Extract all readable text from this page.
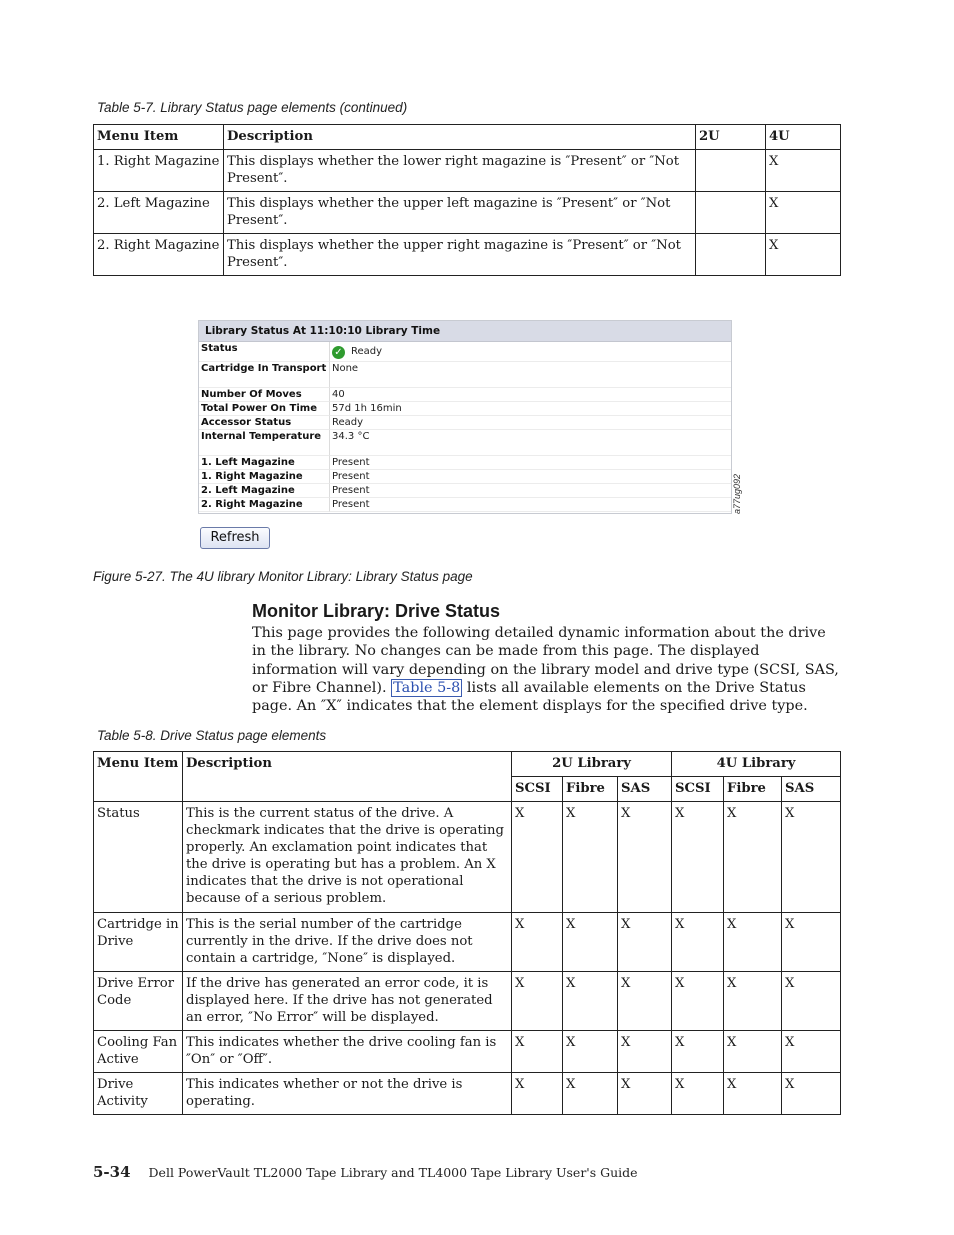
Table 5-7. Library Status page elements (continued)
Menu Item	Description	2U	4U
1. Right Magazine	This displays whether the lower right magazine is ″Present″ or ″Not Present″.		X
2. Left Magazine	This displays whether the upper left magazine is ″Present″ or ″Not Present″.		X
2. Right Magazine	This displays whether the upper right magazine is ″Present″ or ″Not Present″.		X
Library Status At 11:10:10 Library Time
Status	✓ Ready
Cartridge In Transport None
Number Of Moves	40
Total Power On Time	57d 1h 16min
Accessor Status	Ready
Internal Temperature	34.3 °C
1. Left Magazine	Present
1. Right Magazine	Present
2. Left Magazine	Present
2. Right Magazine	Present
Refresh
a77ug092
Figure 5-27. The 4U library Monitor Library: Library Status page
Monitor Library: Drive Status
This page provides the following detailed dynamic information about the drive in the library. No changes can be made from this page. The displayed information will vary depending on the library model and drive type (SCSI, SAS, or Fibre Channel). Table 5-8 lists all available elements on the Drive Status page. An ″X″ indicates that the element displays for the specified drive type.
Table 5-8. Drive Status page elements
Menu Item	Description	2U Library			4U Library		
		SCSI	Fibre	SAS	SCSI	Fibre	SAS
Status	This is the current status of the drive. A checkmark indicates that the drive is operating properly. An exclamation point indicates that the drive is operating but has a problem. An X indicates that the drive is not operational because of a serious problem.	X	X	X	X	X	X
Cartridge in Drive	This is the serial number of the cartridge currently in the drive. If the drive does not contain a cartridge, ″None″ is displayed.	X	X	X	X	X	X
Drive Error Code	If the drive has generated an error code, it is displayed here. If the drive has not generated an error, ″No Error″ will be displayed.	X	X	X	X	X	X
Cooling Fan Active	This indicates whether the drive cooling fan is ″On″ or ″Off″.	X	X	X	X	X	X
Drive Activity	This indicates whether or not the drive is operating.	X	X	X	X	X	X
5-34 Dell PowerVault TL2000 Tape Library and TL4000 Tape Library User's Guide
